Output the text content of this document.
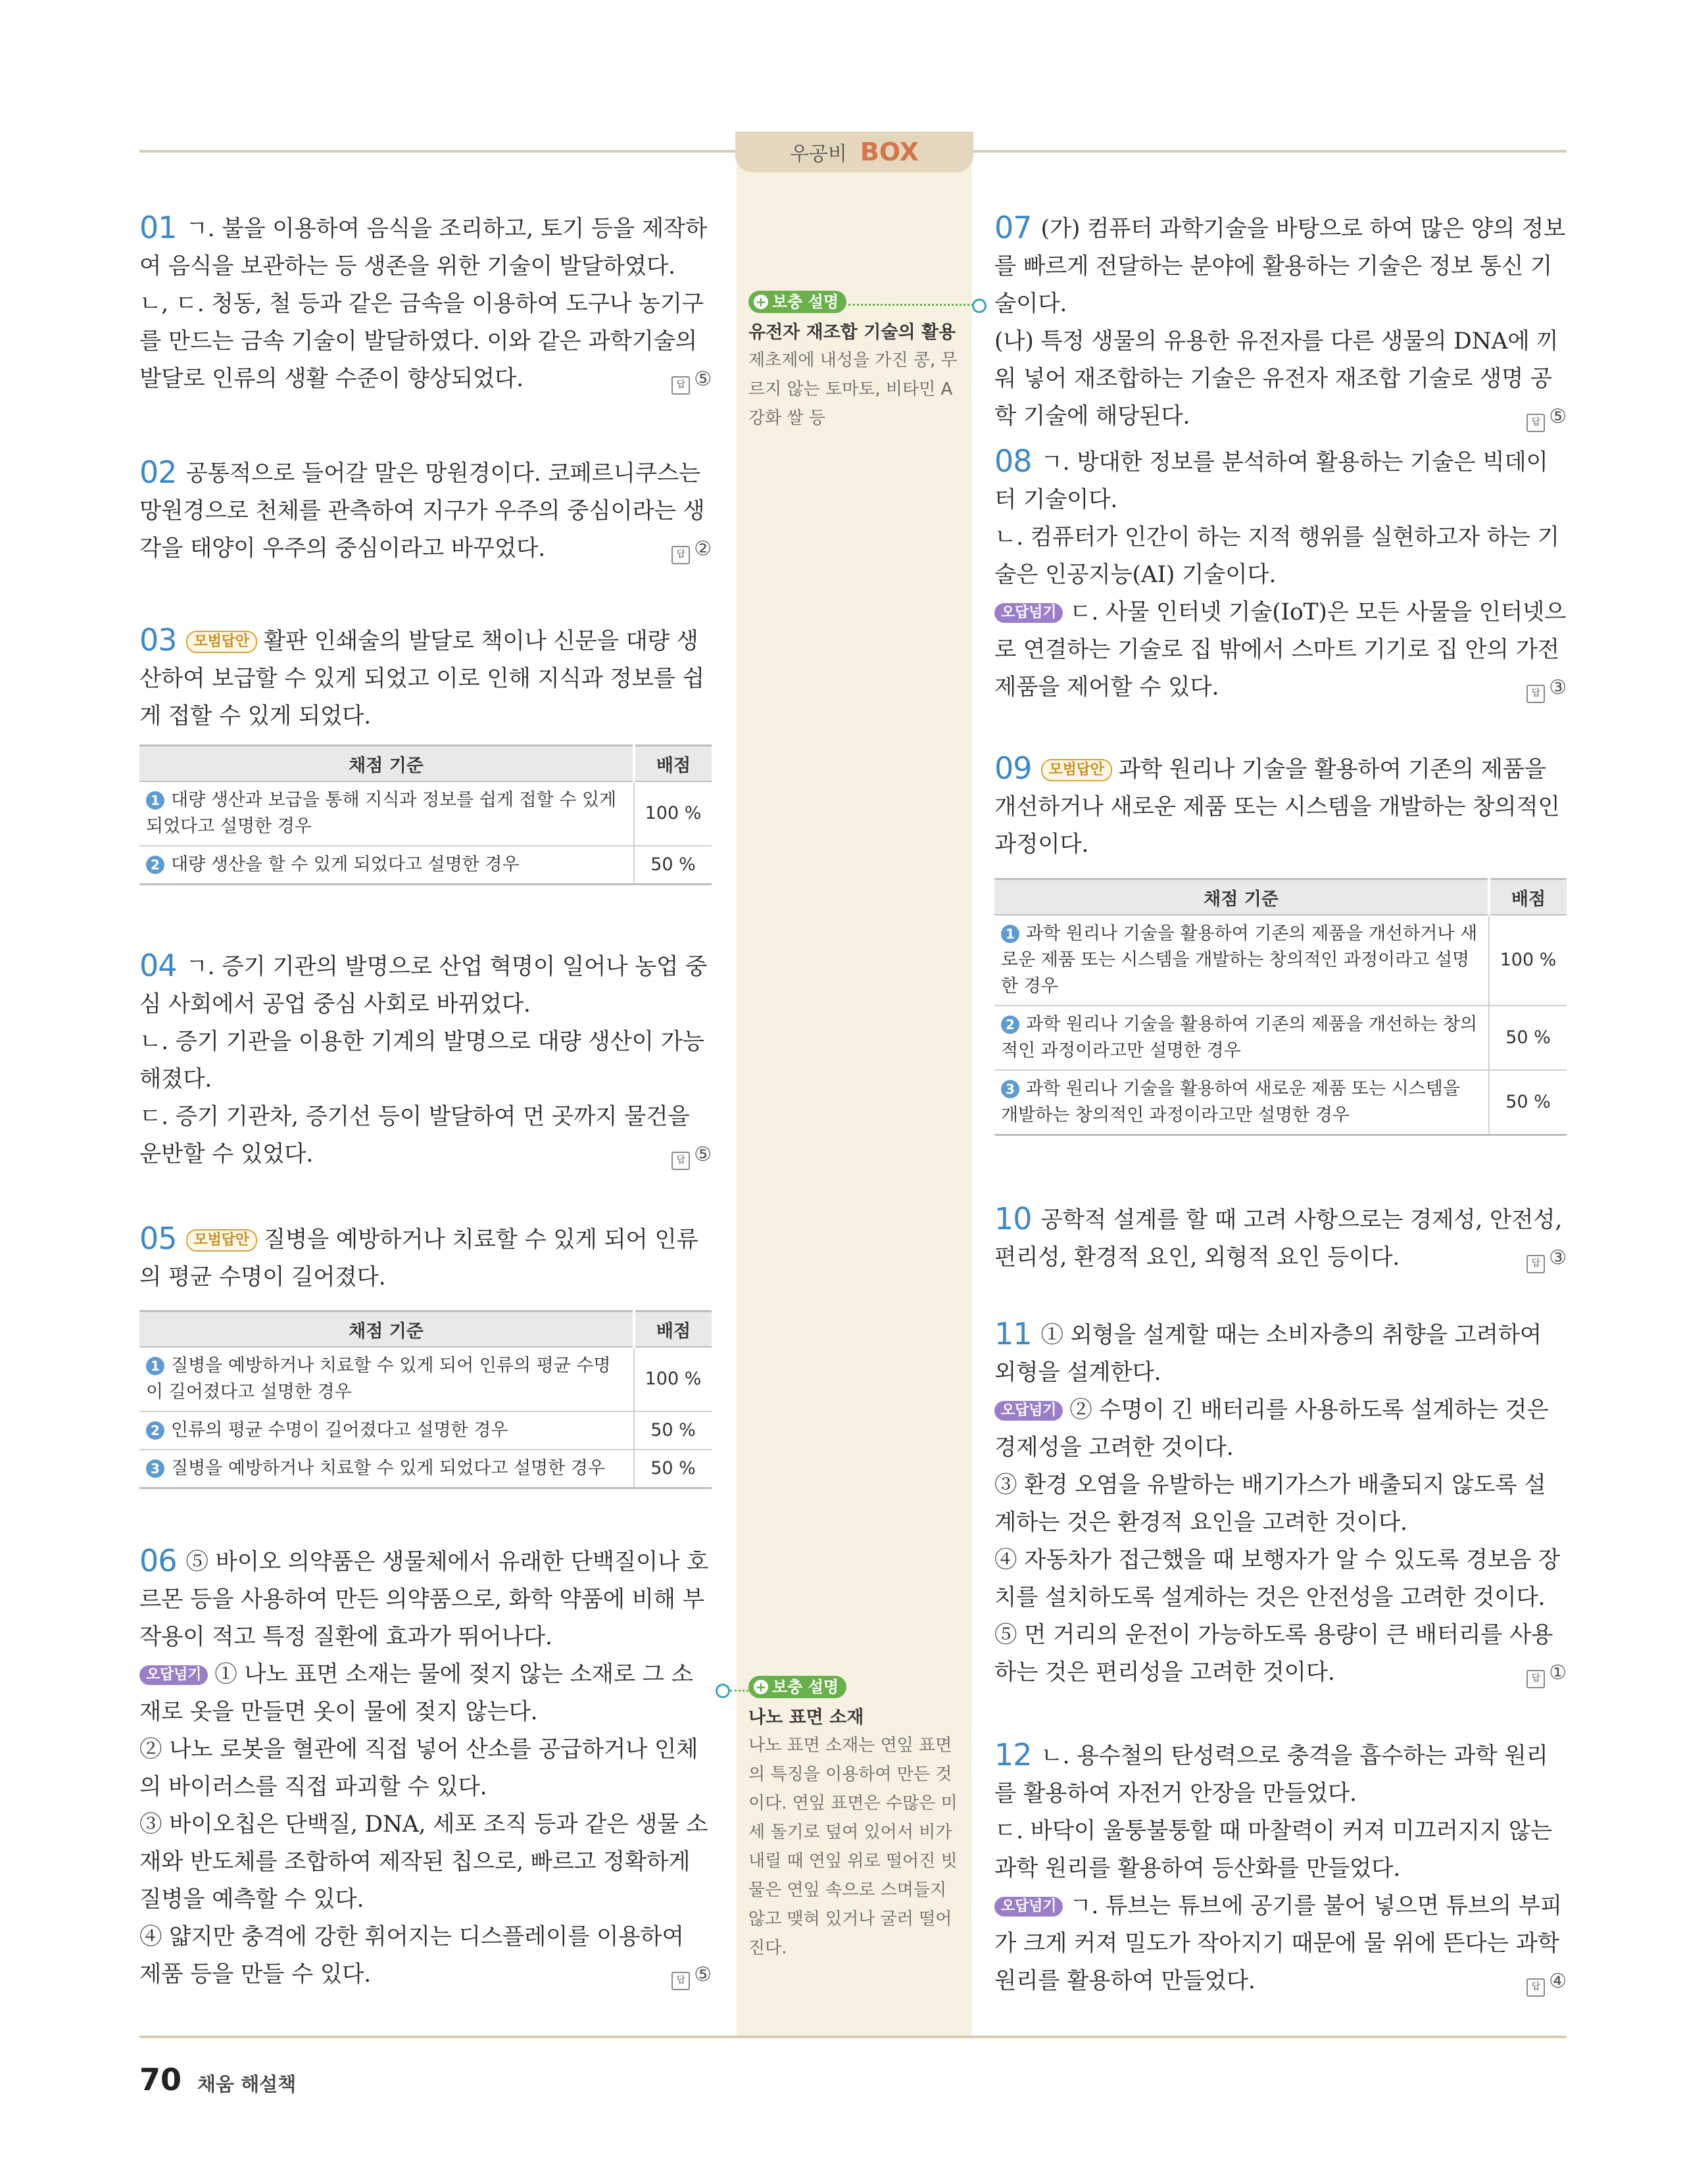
우공비 BOX
01 ㄱ. 불을 이용하여 음식을 조리하고, 토기 등을 제작하여 음식을 보관하는 등 생존을 위한 기술이 발달하였다.
ㄴ, ㄷ. 청동, 철 등과 같은 금속을 이용하여 도구나 농기구를 만드는 금속 기술이 발달하였다. 이와 같은 과학기술의 발달로 인류의 생활 수준이 향상되었다.	답 ⑤
02 공통적으로 들어갈 말은 망원경이다. 코페르니쿠스는 망원경으로 천체를 관측하여 지구가 우주의 중심이라는 생각을 태양이 우주의 중심이라고 바꾸었다.	답 ②
03 모범답안 활판 인쇄술의 발달로 책이나 신문을 대량 생산하여 보급할 수 있게 되었고 이로 인해 지식과 정보를 쉽게 접할 수 있게 되었다.
채점 기준	배점
1 대량 생산과 보급을 통해 지식과 정보를 쉽게 접할 수 있게 되었다고 설명한 경우	100 %
2 대량 생산을 할 수 있게 되었다고 설명한 경우	50 %
04 ㄱ. 증기 기관의 발명으로 산업 혁명이 일어나 농업 중심 사회에서 공업 중심 사회로 바뀌었다.
ㄴ. 증기 기관을 이용한 기계의 발명으로 대량 생산이 가능해졌다.
ㄷ. 증기 기관차, 증기선 등이 발달하여 먼 곳까지 물건을 운반할 수 있었다.	답 ⑤
05 모범답안 질병을 예방하거나 치료할 수 있게 되어 인류의 평균 수명이 길어졌다.
채점 기준	배점
1 질병을 예방하거나 치료할 수 있게 되어 인류의 평균 수명이 길어졌다고 설명한 경우	100 %
2 인류의 평균 수명이 길어졌다고 설명한 경우	50 %
3 질병을 예방하거나 치료할 수 있게 되었다고 설명한 경우	50 %
06 ⑤ 바이오 의약품은 생물체에서 유래한 단백질이나 호르몬 등을 사용하여 만든 의약품으로, 화학 약품에 비해 부작용이 적고 특정 질환에 효과가 뛰어나다.

오답넘기 ① 나노 표면 소재는 물에 젖지 않는 소재로 그 소재로 옷을 만들면 옷이 물에 젖지 않는다.
② 나노 로봇을 혈관에 직접 넣어 산소를 공급하거나 인체의 바이러스를 직접 파괴할 수 있다.
③ 바이오칩은 단백질, DNA, 세포 조직 등과 같은 생물 소재와 반도체를 조합하여 제작된 칩으로, 빠르고 정확하게 질병을 예측할 수 있다.
④ 얇지만 충격에 강한 휘어지는 디스플레이를 이용하여 제품 등을 만들 수 있다.	답 ⑤

+ 보충 설명
유전자 재조합 기술의 활용
제초제에 내성을 가진 콩, 무르지 않는 토마토, 비타민 A 강화 쌀 등
+ 보충 설명
나노 표면 소재
나노 표면 소재는 연잎 표면의 특징을 이용하여 만든 것이다. 연잎 표면은 수많은 미세 돌기로 덮여 있어서 비가 내릴 때 연잎 위로 떨어진 빗물은 연잎 속으로 스며들지 않고 맺혀 있거나 굴러 떨어진다.
07 (가) 컴퓨터 과학기술을 바탕으로 하여 많은 양의 정보를 빠르게 전달하는 분야에 활용하는 기술은 정보 통신 기술이다.
(나) 특정 생물의 유용한 유전자를 다른 생물의 DNA에 끼워 넣어 재조합하는 기술은 유전자 재조합 기술로 생명 공학 기술에 해당된다.	답 ⑤
08 ㄱ. 방대한 정보를 분석하여 활용하는 기술은 빅데이터 기술이다.
ㄴ. 컴퓨터가 인간이 하는 지적 행위를 실현하고자 하는 기술은 인공지능(AI) 기술이다.

오답넘기 ㄷ. 사물 인터넷 기술(IoT)은 모든 사물을 인터넷으로 연결하는 기술로 집 밖에서 스마트 기기로 집 안의 가전제품을 제어할 수 있다.	답 ③

09 모범답안 과학 원리나 기술을 활용하여 기존의 제품을 개선하거나 새로운 제품 또는 시스템을 개발하는 창의적인 과정이다.
채점 기준	배점
1 과학 원리나 기술을 활용하여 기존의 제품을 개선하거나 새로운 제품 또는 시스템을 개발하는 창의적인 과정이라고 설명한 경우	100 %
2 과학 원리나 기술을 활용하여 기존의 제품을 개선하는 창의적인 과정이라고만 설명한 경우	50 %
3 과학 원리나 기술을 활용하여 새로운 제품 또는 시스템을 개발하는 창의적인 과정이라고만 설명한 경우	50 %
10 공학적 설계를 할 때 고려 사항으로는 경제성, 안전성, 편리성, 환경적 요인, 외형적 요인 등이다.	답 ③
11 ① 외형을 설계할 때는 소비자층의 취향을 고려하여 외형을 설계한다.

오답넘기 ② 수명이 긴 배터리를 사용하도록 설계하는 것은 경제성을 고려한 것이다.
③ 환경 오염을 유발하는 배기가스가 배출되지 않도록 설계하는 것은 환경적 요인을 고려한 것이다.
④ 자동차가 접근했을 때 보행자가 알 수 있도록 경보음 장치를 설치하도록 설계하는 것은 안전성을 고려한 것이다.
⑤ 먼 거리의 운전이 가능하도록 용량이 큰 배터리를 사용하는 것은 편리성을 고려한 것이다.	답 ①

12 ㄴ. 용수철의 탄성력으로 충격을 흡수하는 과학 원리를 활용하여 자전거 안장을 만들었다.
ㄷ. 바닥이 울퉁불퉁할 때 마찰력이 커져 미끄러지지 않는 과학 원리를 활용하여 등산화를 만들었다.

오답넘기 ㄱ. 튜브는 튜브에 공기를 불어 넣으면 튜브의 부피가 크게 커져 밀도가 작아지기 때문에 물 위에 뜬다는 과학 원리를 활용하여 만들었다.	답 ④

70 채움 해설책
